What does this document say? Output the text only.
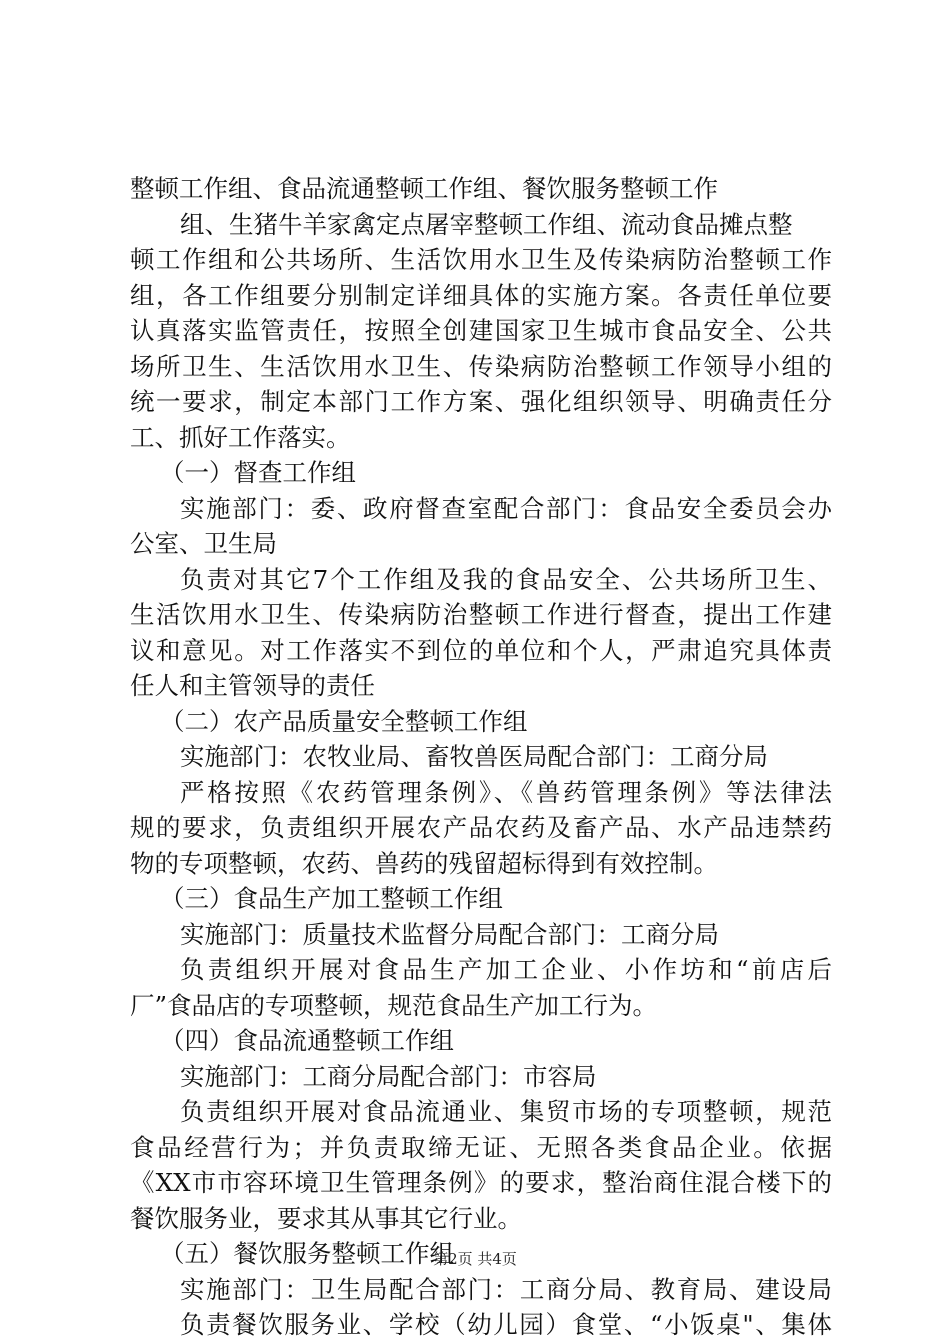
整顿工作组、食品流通整顿工作组、餐饮服务整顿工作
组、生猪牛羊家禽定点屠宰整顿工作组、流动食品摊点整
顿工作组和公共场所、生活饮用水卫生及传染病防治整顿工作
组，各工作组要分别制定详细具体的实施方案。各责任单位要
认真落实监管责任，按照全创建国家卫生城市食品安全、公共
场所卫生、生活饮用水卫生、传染病防治整顿工作领导小组的
统一要求，制定本部门工作方案、强化组织领导、明确责任分
工、抓好工作落实。
（一）督查工作组
实施部门：委、政府督查室配合部门：食品安全委员会办
公室、卫生局
负责对其它7个工作组及我的食品安全、公共场所卫生、
生活饮用水卫生、传染病防治整顿工作进行督查，提出工作建
议和意见。对工作落实不到位的单位和个人，严肃追究具体责
任人和主管领导的责任
（二）农产品质量安全整顿工作组
实施部门：农牧业局、畜牧兽医局配合部门：工商分局
严格按照《农药管理条例》、《兽药管理条例》等法律法
规的要求，负责组织开展农产品农药及畜产品、水产品违禁药
物的专项整顿，农药、兽药的残留超标得到有效控制。
（三）食品生产加工整顿工作组
实施部门：质量技术监督分局配合部门：工商分局
负责组织开展对食品生产加工企业、小作坊和“前店后
厂”食品店的专项整顿，规范食品生产加工行为。
（四）食品流通整顿工作组
实施部门：工商分局配合部门：市容局
负责组织开展对食品流通业、集贸市场的专项整顿，规范
食品经营行为；并负责取缔无证、无照各类食品企业。依据
《XX市市容环境卫生管理条例》的要求，整治商住混合楼下的
餐饮服务业，要求其从事其它行业。
（五）餐饮服务整顿工作组
实施部门：卫生局配合部门：工商分局、教育局、建设局
负责餐饮服务业、学校（幼儿园）食堂、“小饭桌"、集体
第2页 共4页
